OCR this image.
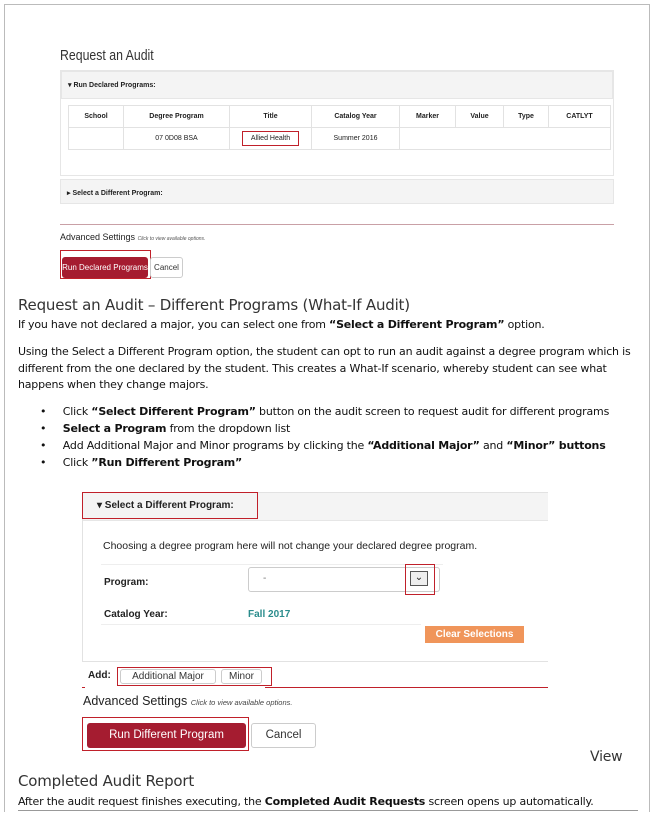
Request an Audit
▾ Run Declared Programs:
School	Degree Program	Title	Catalog Year	Marker	Value	Type	CATLYT
	07 0D08 BSA	Allied Health	Summer 2016				
▸ Select a Different Program:
Advanced Settings Click to view available options.
Run Declared Programs Cancel
Request an Audit – Different Programs (What-If Audit)
If you have not declared a major, you can select one from “Select a Different Program” option.
Using the Select a Different Program option, the student can opt to run an audit against a degree program which is different from the one declared by the student. This creates a What-If scenario, whereby student can see what happens when they change majors.
•     Click “Select Different Program” button on the audit screen to request audit for different programs
•     Select a Program from the dropdown list
•     Add Additional Major and Minor programs by clicking the “Additional Major” and “Minor” buttons
•     Click ”Run Different Program”
▾ Select a Different Program:
Choosing a degree program here will not change your declared degree program.
Program:	-	⌄
Catalog Year:	Fall 2017
Clear Selections
Add:	Additional Major	Minor
Advanced Settings Click to view available options.
Run Different Program	Cancel
View
Completed Audit Report
After the audit request finishes executing, the Completed Audit Requests screen opens up automatically.
